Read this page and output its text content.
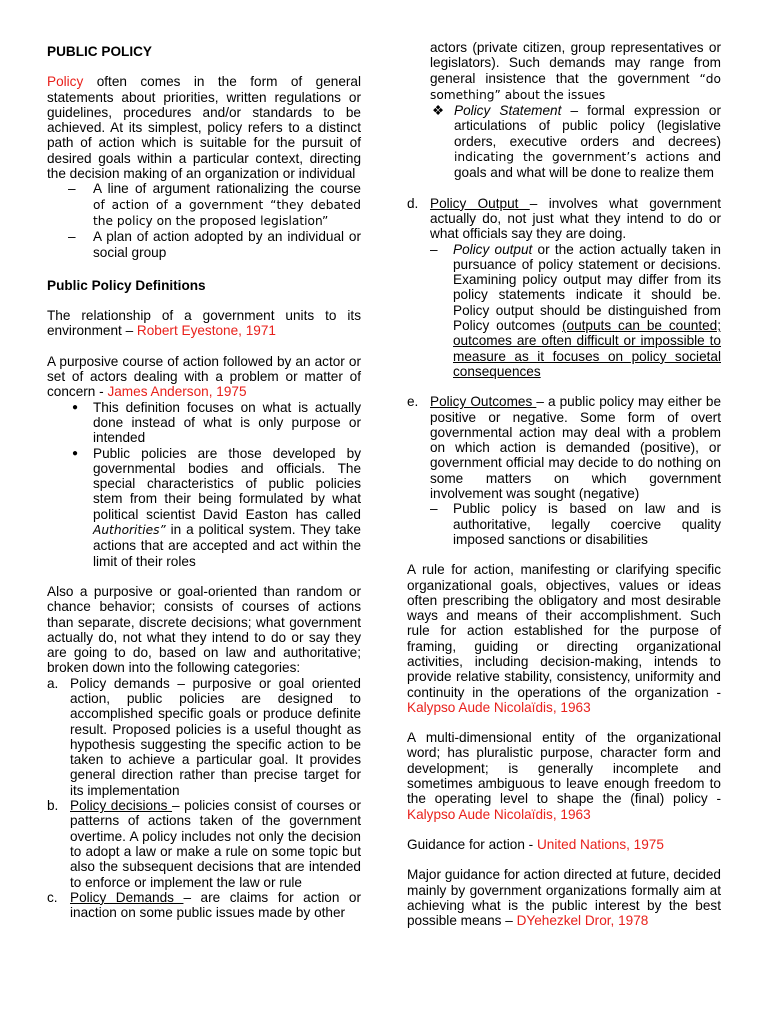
PUBLIC POLICY

Policy often comes in the form of general statements about priorities, written regulations or guidelines, procedures and/or standards to be achieved. At its simplest, policy refers to a distinct path of action which is suitable for the pursuit of desired goals within a particular context, directing the decision making of an organization or individual

– A line of argument rationalizing the course of action of a government “they debated the policy on the proposed legislation”
– A plan of action adopted by an individual or social group

Public Policy Definitions

The relationship of a government units to its environment – Robert Eyestone, 1971

A purposive course of action followed by an actor or set of actors dealing with a problem or matter of concern - James Anderson, 1975

● This definition focuses on what is actually done instead of what is only purpose or intended
● Public policies are those developed by governmental bodies and officials. The special characteristics of public policies stem from their being formulated by what political scientist David Easton has called Authorities” in a political system. They take actions that are accepted and act within the limit of their roles

Also a purposive or goal-oriented than random or chance behavior; consists of courses of actions than separate, discrete decisions; what government actually do, not what they intend to do or say they are going to do, based on law and authoritative; broken down into the following categories:

a. Policy demands – purposive or goal oriented action, public policies are designed to accomplished specific goals or produce definite result. Proposed policies is a useful thought as hypothesis suggesting the specific action to be taken to achieve a particular goal. It provides general direction rather than precise target for its implementation
b. Policy decisions – policies consist of courses or patterns of actions taken of the government overtime. A policy includes not only the decision to adopt a law or make a rule on some topic but also the subsequent decisions that are intended to enforce or implement the law or rule
c. Policy Demands – are claims for action or inaction on some public issues made by other
actors (private citizen, group representatives or legislators). Such demands may range from general insistence that the government “do something” about the issues
❖ Policy Statement – formal expression or articulations of public policy (legislative orders, executive orders and decrees) indicating the government’s actions and goals and what will be done to realize them
d. Policy Output – involves what government actually do, not just what they intend to do or what officials say they are doing.
– Policy output or the action actually taken in pursuance of policy statement or decisions. Examining policy output may differ from its policy statements indicate it should be. Policy output should be distinguished from Policy outcomes (outputs can be counted; outcomes are often difficult or impossible to measure as it focuses on policy societal consequences
e. Policy Outcomes – a public policy may either be positive or negative. Some form of overt governmental action may deal with a problem on which action is demanded (positive), or government official may decide to do nothing on some matters on which government involvement was sought (negative)
– Public policy is based on law and is authoritative, legally coercive quality imposed sanctions or disabilities

A rule for action, manifesting or clarifying specific organizational goals, objectives, values or ideas often prescribing the obligatory and most desirable ways and means of their accomplishment. Such rule for action established for the purpose of framing, guiding or directing organizational activities, including decision-making, intends to provide relative stability, consistency, uniformity and continuity in the operations of the organization - Kalypso Aude Nicolaïdis, 1963

A multi-dimensional entity of the organizational word; has pluralistic purpose, character form and development; is generally incomplete and sometimes ambiguous to leave enough freedom to the operating level to shape the (final) policy - Kalypso Aude Nicolaïdis, 1963

Guidance for action - United Nations, 1975

Major guidance for action directed at future, decided mainly by government organizations formally aim at achieving what is the public interest by the best possible means – DYehezkel Dror, 1978
